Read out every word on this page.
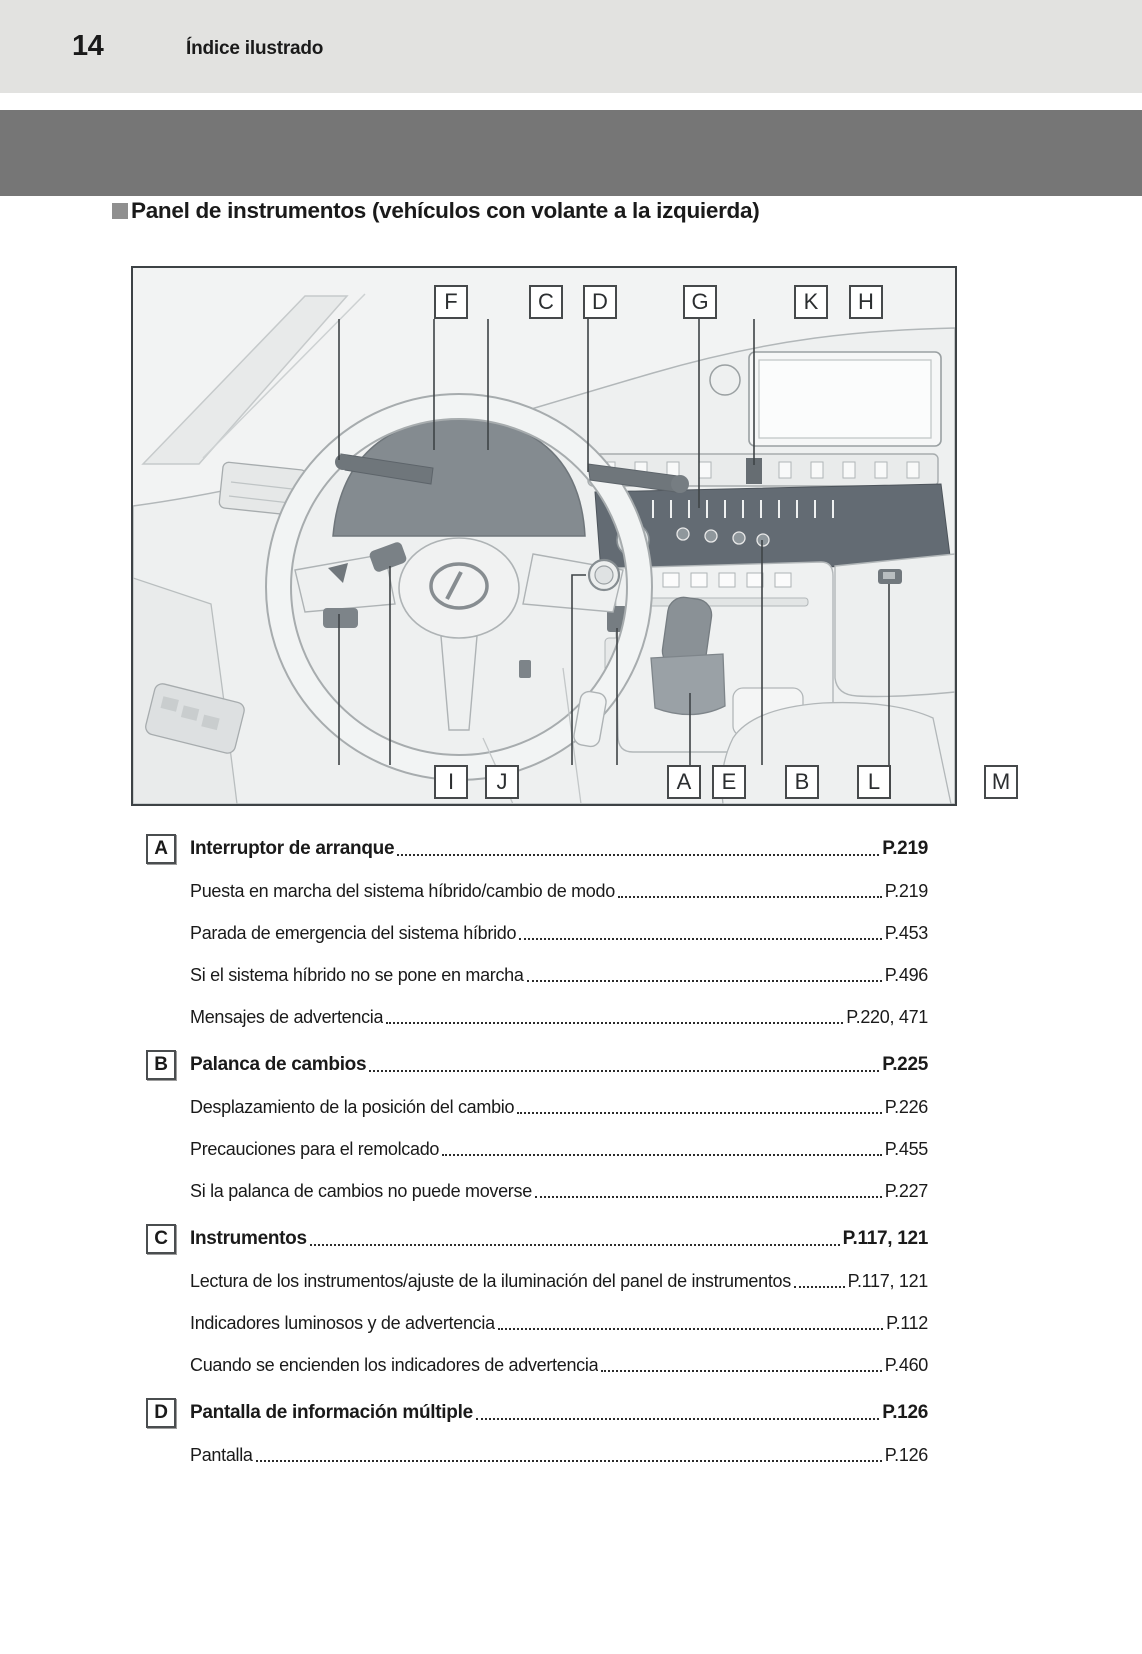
14	Índice ilustrado
Panel de instrumentos (vehículos con volante a la izquierda)
F	C	D	G	K	H
I	J	A	E	B	L	M
A	Interruptor de arranque	P.219
Puesta en marcha del sistema híbrido/cambio de modo	P.219
Parada de emergencia del sistema híbrido	P.453
Si el sistema híbrido no se pone en marcha	P.496
Mensajes de advertencia	P.220, 471
B	Palanca de cambios	P.225
Desplazamiento de la posición del cambio	P.226
Precauciones para el remolcado	P.455
Si la palanca de cambios no puede moverse	P.227
C	Instrumentos	P.117, 121
Lectura de los instrumentos/ajuste de la iluminación del panel de instrumentos	P.117, 121
Indicadores luminosos y de advertencia	P.112
Cuando se encienden los indicadores de advertencia	P.460
D	Pantalla de información múltiple	P.126
Pantalla	P.126
